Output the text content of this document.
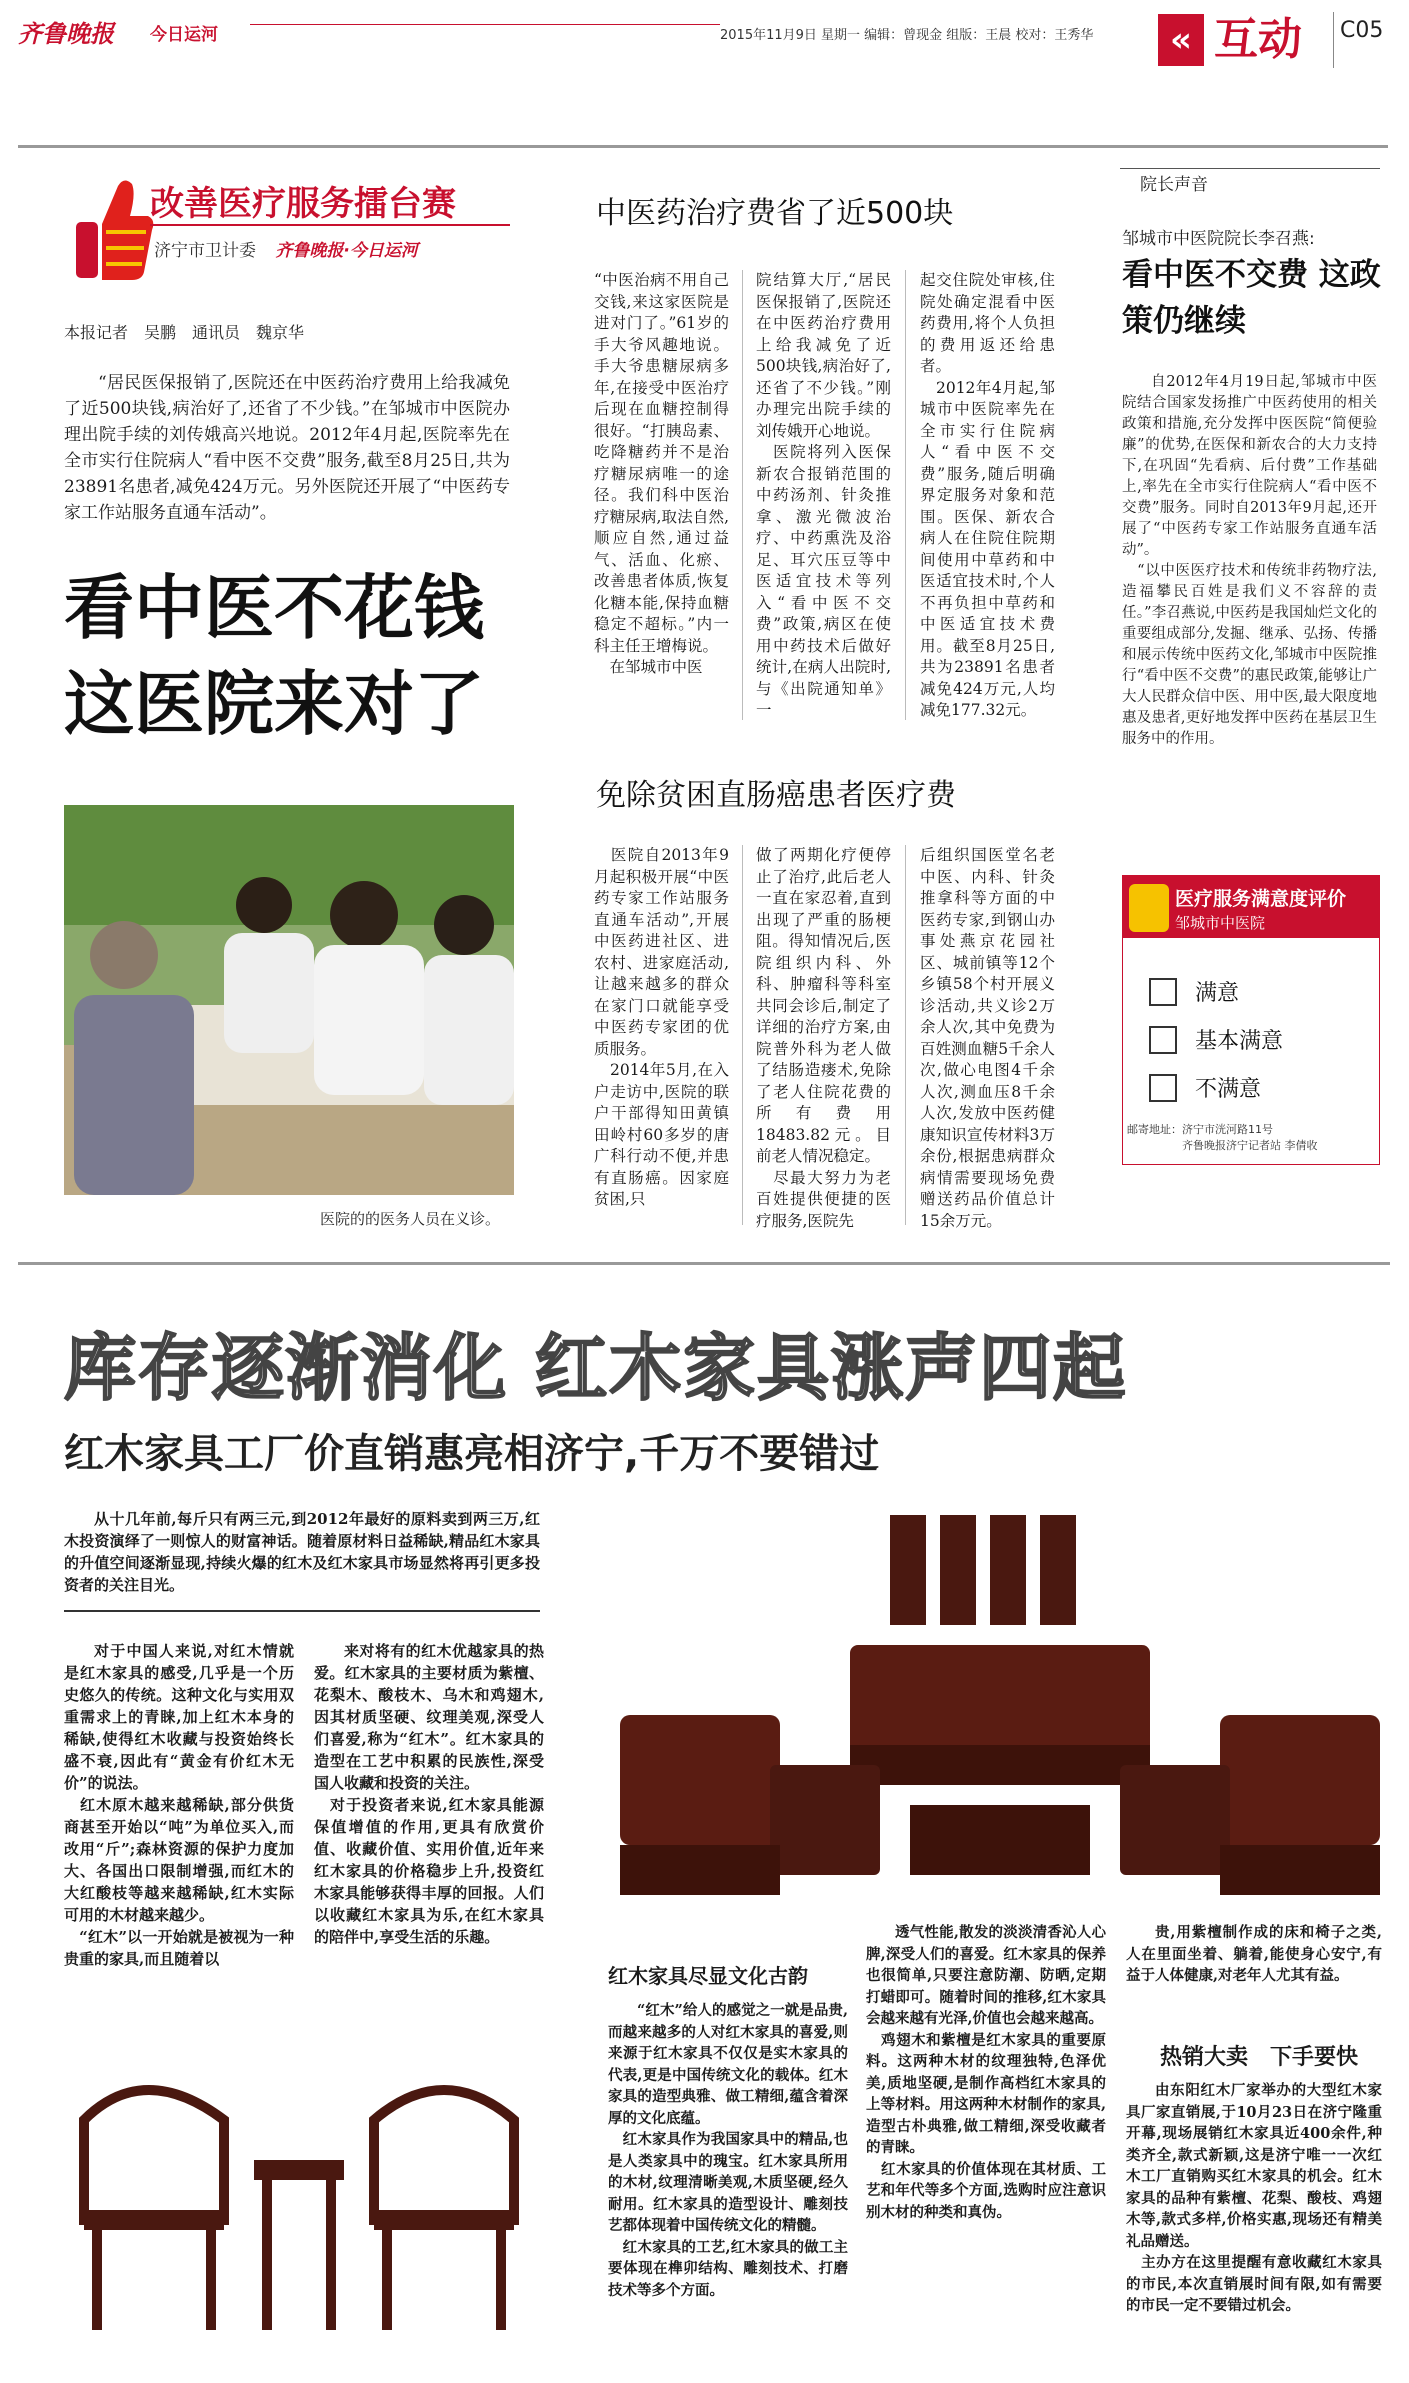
齐鲁晚报 今日运河	2015年11月9日 星期一 编辑：曾现金 组版：王晨 校对：王秀华	« 互动 C05
改善医疗服务擂台赛
济宁市卫计委 齐鲁晚报·今日运河
本报记者　吴鹏　通讯员　魏京华
“居民医保报销了,医院还在中医药治疗费用上给我减免了近500块钱,病治好了,还省了不少钱。”在邹城市中医院办理出院手续的刘传娥高兴地说。2012年4月起,医院率先在全市实行住院病人“看中医不交费”服务,截至8月25日,共为23891名患者,减免424万元。另外医院还开展了“中医药专家工作站服务直通车活动”。
看中医不花钱 这医院来对了
医院的的医务人员在义诊。
中医药治疗费省了近500块
“中医治病不用自己交钱,来这家医院是进对门了。”61岁的手大爷风趣地说。手大爷患糖尿病多年,在接受中医治疗后现在血糖控制得很好。“打胰岛素、吃降糖药并不是治疗糖尿病唯一的途径。我们科中医治疗糖尿病,取法自然,顺应自然,通过益气、活血、化瘀、改善患者体质,恢复化糖本能,保持血糖稳定不超标。”内一科主任王增梅说。
　在邹城市中医
院结算大厅,“居民医保报销了,医院还在中医药治疗费用上给我减免了近500块钱,病治好了,还省了不少钱。”刚办理完出院手续的刘传娥开心地说。
　医院将列入医保新农合报销范围的中药汤剂、针灸推拿、激光微波治疗、中药熏洗及浴足、耳穴压豆等中医适宜技术等列入“看中医不交费”政策,病区在使用中药技术后做好统计,在病人出院时,与《出院通知单》一
起交住院处审核,住院处确定混看中医药费用,将个人负担的费用返还给患者。
　2012年4月起,邹城市中医院率先在全市实行住院病人“看中医不交费”服务,随后明确界定服务对象和范围。医保、新农合病人在住院住院期间使用中草药和中医适宜技术时,个人不再负担中草药和中医适宜技术费用。截至8月25日,共为23891名患者减免424万元,人均减免177.32元。
免除贫困直肠癌患者医疗费
　医院自2013年9月起积极开展“中医药专家工作站服务直通车活动”,开展中医药进社区、进农村、进家庭活动,让越来越多的群众在家门口就能享受中医药专家团的优质服务。
　2014年5月,在入户走访中,医院的联户干部得知田黄镇田岭村60多岁的唐广科行动不便,并患有直肠癌。因家庭贫困,只
做了两期化疗便停止了治疗,此后老人一直在家忍着,直到出现了严重的肠梗阻。得知情况后,医院组织内科、外科、肿瘤科等科室共同会诊后,制定了详细的治疗方案,由院普外科为老人做了结肠造瘘术,免除了老人住院花费的所有费用18483.82元。目前老人情况稳定。
　尽最大努力为老百姓提供便捷的医疗服务,医院先
后组织国医堂名老中医、内科、针灸推拿科等方面的中医药专家,到钢山办事处燕京花园社区、城前镇等12个乡镇58个村开展义诊活动,共义诊2万余人次,其中免费为百姓测血糖5千余人次,做心电图4千余人次,测血压8千余人次,发放中医药健康知识宣传材料3万余份,根据患病群众病情需要现场免费赠送药品价值总计15余万元。
院长声音
邹城市中医院院长李召燕:
看中医不交费 这政策仍继续
自2012年4月19日起,邹城市中医院结合国家发扬推广中医药使用的相关政策和措施,充分发挥中医医院“简便验廉”的优势,在医保和新农合的大力支持下,在巩固“先看病、后付费”工作基础上,率先在全市实行住院病人“看中医不交费”服务。同时自2013年9月起,还开展了“中医药专家工作站服务直通车活动”。
　“以中医医疗技术和传统非药物疗法,造福攀民百姓是我们义不容辞的责任。”李召燕说,中医药是我国灿烂文化的重要组成部分,发掘、继承、弘扬、传播和展示传统中医药文化,邹城市中医院推行“看中医不交费”的惠民政策,能够让广大人民群众信中医、用中医,最大限度地惠及患者,更好地发挥中医药在基层卫生服务中的作用。
医疗服务满意度评价
邹城市中医院
满意
基本满意
不满意
邮寄地址：济宁市洸河路11号
　　　　　齐鲁晚报济宁记者站 李倩收
库存逐渐消化 红木家具涨声四起
红木家具工厂价直销惠亮相济宁,千万不要错过
从十几年前,每斤只有两三元,到2012年最好的原料卖到两三万,红木投资演绎了一则惊人的财富神话。随着原材料日益稀缺,精品红木家具的升值空间逐渐显现,持续火爆的红木及红木家具市场显然将再引更多投资者的关注目光。
对于中国人来说,对红木情就是红木家具的感受,几乎是一个历史悠久的传统。这种文化与实用双重需求上的青睐,加上红木本身的稀缺,使得红木收藏与投资始终长盛不衰,因此有“黄金有价红木无价”的说法。
　红木原木越来越稀缺,部分供货商甚至开始以“吨”为单位买入,而改用“斤”;森林资源的保护力度加大、各国出口限制增强,而红木的大红酸枝等越来越稀缺,红木实际可用的木材越来越少。
　“红木”以一开始就是被视为一种贵重的家具,而且随着以
来对将有的红木优越家具的热爱。红木家具的主要材质为紫檀、花梨木、酸枝木、乌木和鸡翅木,因其材质坚硬、纹理美观,深受人们喜爱,称为“红木”。红木家具的造型在工艺中积累的民族性,深受国人收藏和投资的关注。
　对于投资者来说,红木家具能源保值增值的作用,更具有欣赏价值、收藏价值、实用价值,近年来红木家具的价格稳步上升,投资红木家具能够获得丰厚的回报。人们以收藏红木家具为乐,在红木家具的陪伴中,享受生活的乐趣。
红木家具尽显文化古韵
“红木”给人的感觉之一就是品贵,而越来越多的人对红木家具的喜爱,则来源于红木家具不仅仅是实木家具的代表,更是中国传统文化的载体。红木家具的造型典雅、做工精细,蕴含着深厚的文化底蕴。
　红木家具作为我国家具中的精品,也是人类家具中的瑰宝。红木家具所用的木材,纹理清晰美观,木质坚硬,经久耐用。红木家具的造型设计、雕刻技艺都体现着中国传统文化的精髓。
　红木家具的工艺,红木家具的做工主要体现在榫卯结构、雕刻技术、打磨技术等多个方面。
透气性能,散发的淡淡清香沁人心脾,深受人们的喜爱。红木家具的保养也很简单,只要注意防潮、防晒,定期打蜡即可。随着时间的推移,红木家具会越来越有光泽,价值也会越来越高。
　鸡翅木和紫檀是红木家具的重要原料。这两种木材的纹理独特,色泽优美,质地坚硬,是制作高档红木家具的上等材料。用这两种木材制作的家具,造型古朴典雅,做工精细,深受收藏者的青睐。
　红木家具的价值体现在其材质、工艺和年代等多个方面,选购时应注意识别木材的种类和真伪。
贵,用紫檀制作成的床和椅子之类,人在里面坐着、躺着,能使身心安宁,有益于人体健康,对老年人尤其有益。
热销大卖　下手要快
由东阳红木厂家举办的大型红木家具厂家直销展,于10月23日在济宁隆重开幕,现场展销红木家具近400余件,种类齐全,款式新颖,这是济宁唯一一次红木工厂直销购买红木家具的机会。红木家具的品种有紫檀、花梨、酸枝、鸡翅木等,款式多样,价格实惠,现场还有精美礼品赠送。
　主办方在这里提醒有意收藏红木家具的市民,本次直销展时间有限,如有需要的市民一定不要错过机会。
